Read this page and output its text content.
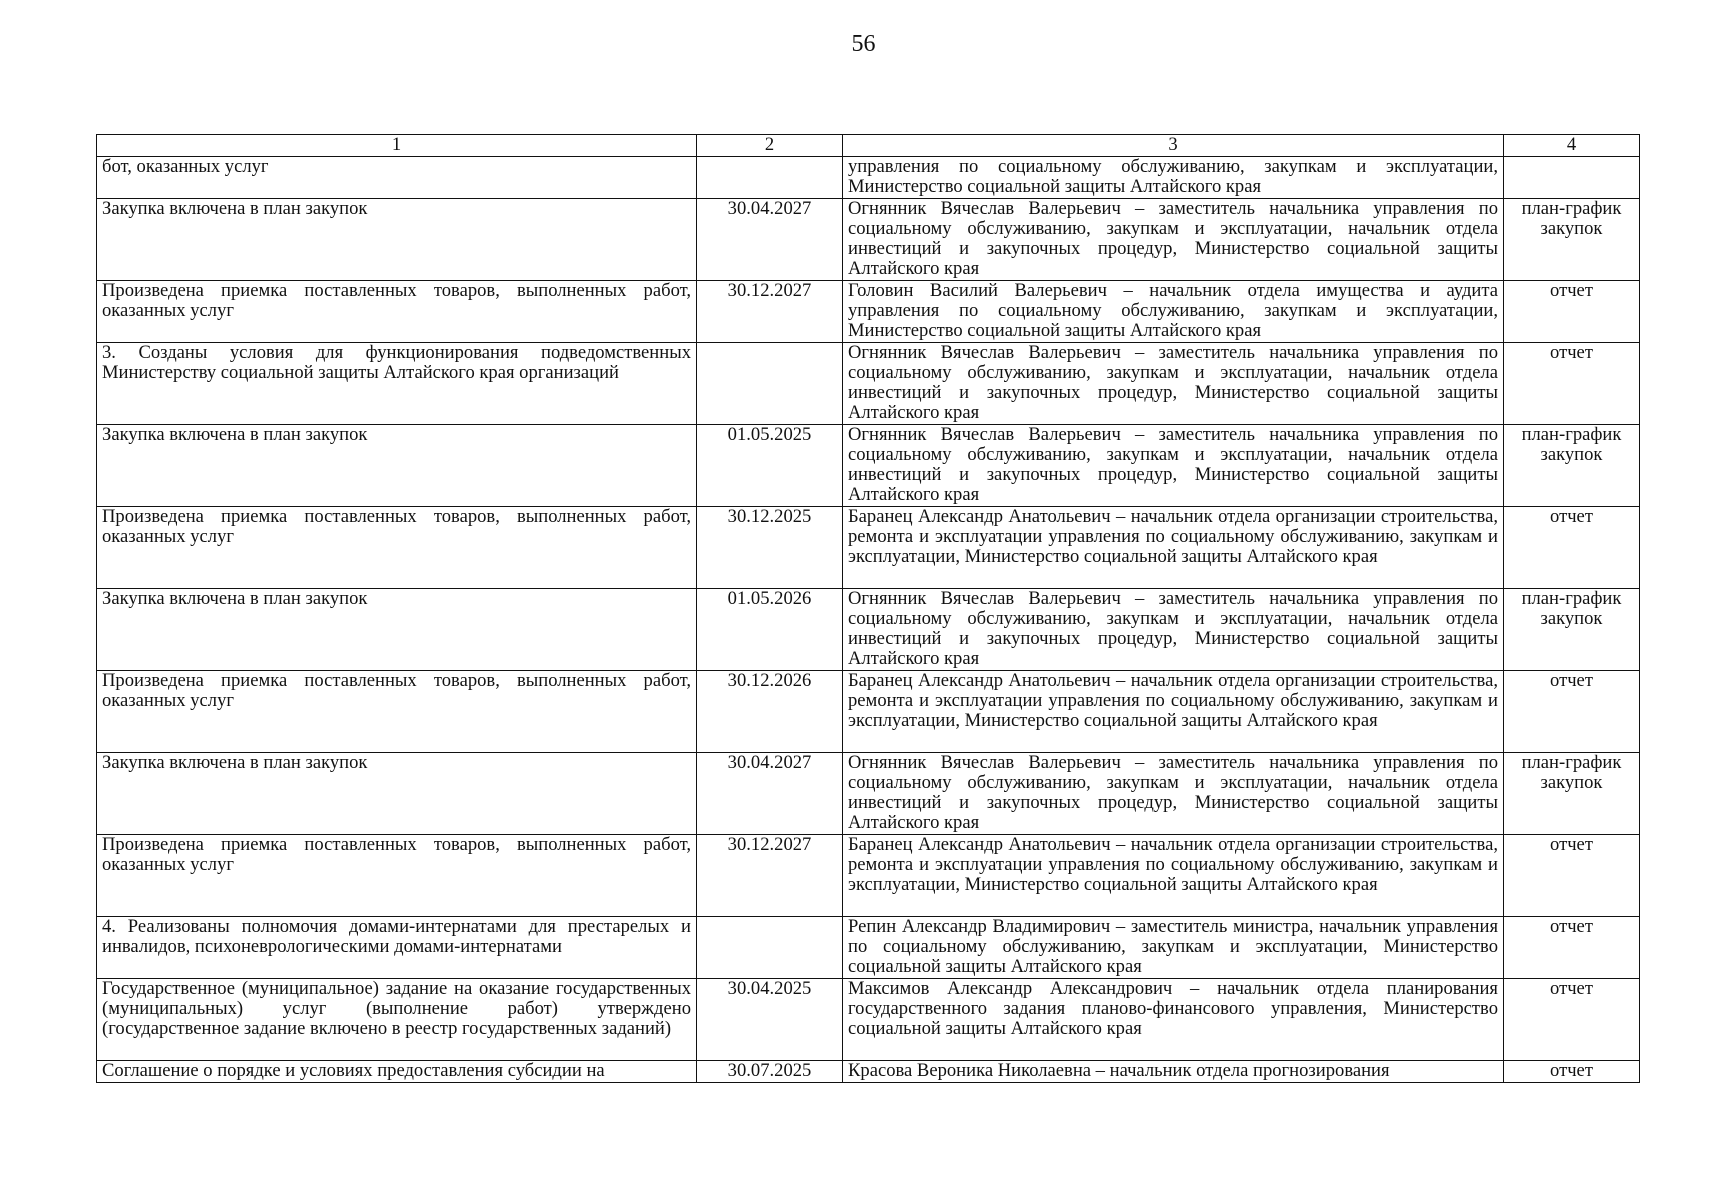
56
1	2	3	4
бот, оказанных услуг		управления по социальному обслуживанию, закупкам и эксплуатации, Министерство социальной защиты Алтайского края	
Закупка включена в план закупок	30.04.2027	Огнянник Вячеслав Валерьевич – заместитель начальника управления по социальному обслуживанию, закупкам и эксплуатации, начальник отдела инвестиций и закупочных процедур, Министерство социальной защиты Алтайского края	план-график закупок
Произведена приемка поставленных товаров, выполненных работ, оказанных услуг	30.12.2027	Головин Василий Валерьевич – начальник отдела имущества и аудита управления по социальному обслуживанию, закупкам и эксплуатации, Министерство социальной защиты Алтайского края	отчет
3. Созданы условия для функционирования подведомственных Министерству социальной защиты Алтайского края организаций		Огнянник Вячеслав Валерьевич – заместитель начальника управления по социальному обслуживанию, закупкам и эксплуатации, начальник отдела инвестиций и закупочных процедур, Министерство социальной защиты Алтайского края	отчет
Закупка включена в план закупок	01.05.2025	Огнянник Вячеслав Валерьевич – заместитель начальника управления по социальному обслуживанию, закупкам и эксплуатации, начальник отдела инвестиций и закупочных процедур, Министерство социальной защиты Алтайского края	план-график закупок
Произведена приемка поставленных товаров, выполненных работ, оказанных услуг	30.12.2025	Баранец Александр Анатольевич – начальник отдела организации строительства, ремонта и эксплуатации управления по социальному обслуживанию, закупкам и эксплуатации, Министерство социальной защиты Алтайского края	отчет
Закупка включена в план закупок	01.05.2026	Огнянник Вячеслав Валерьевич – заместитель начальника управления по социальному обслуживанию, закупкам и эксплуатации, начальник отдела инвестиций и закупочных процедур, Министерство социальной защиты Алтайского края	план-график закупок
Произведена приемка поставленных товаров, выполненных работ, оказанных услуг	30.12.2026	Баранец Александр Анатольевич – начальник отдела организации строительства, ремонта и эксплуатации управления по социальному обслуживанию, закупкам и эксплуатации, Министерство социальной защиты Алтайского края	отчет
Закупка включена в план закупок	30.04.2027	Огнянник Вячеслав Валерьевич – заместитель начальника управления по социальному обслуживанию, закупкам и эксплуатации, начальник отдела инвестиций и закупочных процедур, Министерство социальной защиты Алтайского края	план-график закупок
Произведена приемка поставленных товаров, выполненных работ, оказанных услуг	30.12.2027	Баранец Александр Анатольевич – начальник отдела организации строительства, ремонта и эксплуатации управления по социальному обслуживанию, закупкам и эксплуатации, Министерство социальной защиты Алтайского края	отчет
4. Реализованы полномочия домами-интернатами для престарелых и инвалидов, психоневрологическими домами-интернатами		Репин Александр Владимирович – заместитель министра, начальник управления по социальному обслуживанию, закупкам и эксплуатации, Министерство социальной защиты Алтайского края	отчет
Государственное (муниципальное) задание на оказание государственных (муниципальных) услуг (выполнение работ) утверждено (государственное задание включено в реестр государственных заданий)	30.04.2025	Максимов Александр Александрович – начальник отдела планирования государственного задания планово-финансового управления, Министерство социальной защиты Алтайского края	отчет
Соглашение о порядке и условиях предоставления субсидии на	30.07.2025	Красова Вероника Николаевна – начальник отдела прогнозирования	отчет
